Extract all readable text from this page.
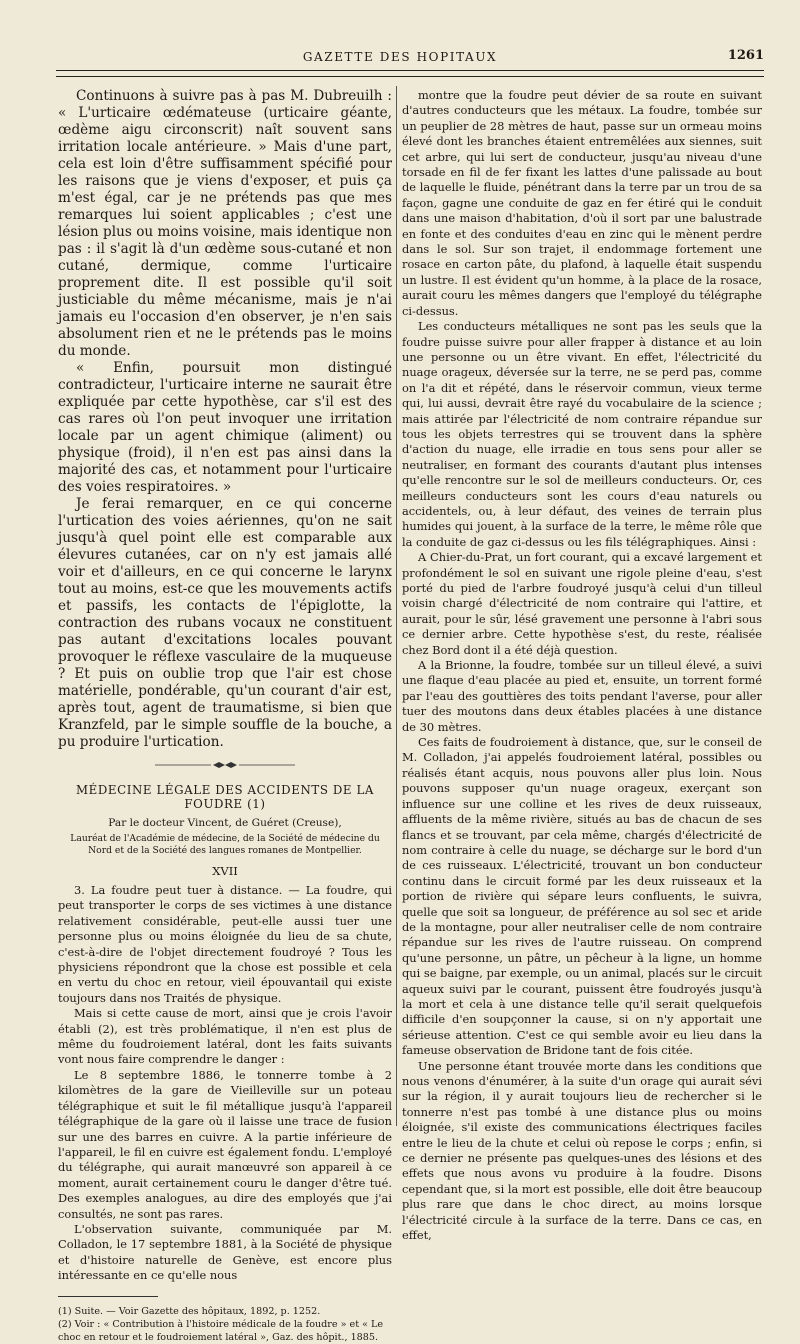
GAZETTE DES HOPITAUX	1261

Continuons à suivre pas à pas M. Dubreuilh : « L'urticaire œdémateuse (urticaire géante, œdème aigu circonscrit) naît souvent sans irritation locale antérieure. » Mais d'une part, cela est loin d'être suffisamment spécifié pour les raisons que je viens d'exposer, et puis ça m'est égal, car je ne prétends pas que mes remarques lui soient applicables ; c'est une lésion plus ou moins voisine, mais identique non pas : il s'agit là d'un œdème sous-cutané et non cutané, dermique, comme l'urticaire proprement dite. Il est possible qu'il soit justiciable du même mécanisme, mais je n'ai jamais eu l'occasion d'en observer, je n'en sais absolument rien et ne le prétends pas le moins du monde.

« Enfin, poursuit mon distingué contradicteur, l'urticaire interne ne saurait être expliquée par cette hypothèse, car s'il est des cas rares où l'on peut invoquer une irritation locale par un agent chimique (aliment) ou physique (froid), il n'en est pas ainsi dans la majorité des cas, et notamment pour l'urticaire des voies respiratoires. »

Je ferai remarquer, en ce qui concerne l'urtication des voies aériennes, qu'on ne sait jusqu'à quel point elle est comparable aux élevures cutanées, car on n'y est jamais allé voir et d'ailleurs, en ce qui concerne le larynx tout au moins, est-ce que les mouvements actifs et passifs, les contacts de l'épiglotte, la contraction des rubans vocaux ne constituent pas autant d'excitations locales pouvant provoquer le réflexe vasculaire de la muqueuse ? Et puis on oublie trop que l'air est chose matérielle, pondérable, qu'un courant d'air est, après tout, agent de traumatisme, si bien que Kranzfeld, par le simple souffle de la bouche, a pu produire l'urtication.

MÉDECINE LÉGALE DES ACCIDENTS DE LA FOUDRE (1)
Par le docteur Vincent, de Guéret (Creuse),
Lauréat de l'Académie de médecine, de la Société de médecine du Nord et de la Société des langues romanes de Montpellier.
XVII

3. La foudre peut tuer à distance. — La foudre, qui peut transporter le corps de ses victimes à une distance relativement considérable, peut-elle aussi tuer une personne plus ou moins éloignée du lieu de sa chute, c'est-à-dire de l'objet directement foudroyé ? Tous les physiciens répondront que la chose est possible et cela en vertu du choc en retour, vieil épouvantail qui existe toujours dans nos Traités de physique.

Mais si cette cause de mort, ainsi que je crois l'avoir établi (2), est très problématique, il n'en est plus de même du foudroiement latéral, dont les faits suivants vont nous faire comprendre le danger :

Le 8 septembre 1886, le tonnerre tombe à 2 kilomètres de la gare de Vieilleville sur un poteau télégraphique et suit le fil métallique jusqu'à l'appareil télégraphique de la gare où il laisse une trace de fusion sur une des barres en cuivre. A la partie inférieure de l'appareil, le fil en cuivre est également fondu. L'employé du télégraphe, qui aurait manœuvré son appareil à ce moment, aurait certainement couru le danger d'être tué. Des exemples analogues, au dire des employés que j'ai consultés, ne sont pas rares.

L'observation suivante, communiquée par M. Colladon, le 17 septembre 1881, à la Société de physique et d'histoire naturelle de Genève, est encore plus intéressante en ce qu'elle nous

(1) Suite. — Voir Gazette des hôpitaux, 1892, p. 1252.

(2) Voir : « Contribution à l'histoire médicale de la foudre » et « Le choc en retour et le foudroiement latéral », Gaz. des hôpit., 1885.

montre que la foudre peut dévier de sa route en suivant d'autres conducteurs que les métaux. La foudre, tombée sur un peuplier de 28 mètres de haut, passe sur un ormeau moins élevé dont les branches étaient entremêlées aux siennes, suit cet arbre, qui lui sert de conducteur, jusqu'au niveau d'une torsade en fil de fer fixant les lattes d'une palissade au bout de laquelle le fluide, pénétrant dans la terre par un trou de sa façon, gagne une conduite de gaz en fer étiré qui le conduit dans une maison d'habitation, d'où il sort par une balustrade en fonte et des conduites d'eau en zinc qui le mènent perdre dans le sol. Sur son trajet, il endommage fortement une rosace en carton pâte, du plafond, à laquelle était suspendu un lustre. Il est évident qu'un homme, à la place de la rosace, aurait couru les mêmes dangers que l'employé du télégraphe ci-dessus.

Les conducteurs métalliques ne sont pas les seuls que la foudre puisse suivre pour aller frapper à distance et au loin une personne ou un être vivant. En effet, l'électricité du nuage orageux, déversée sur la terre, ne se perd pas, comme on l'a dit et répété, dans le réservoir commun, vieux terme qui, lui aussi, devrait être rayé du vocabulaire de la science ; mais attirée par l'électricité de nom contraire répandue sur tous les objets terrestres qui se trouvent dans la sphère d'action du nuage, elle irradie en tous sens pour aller se neutraliser, en formant des courants d'autant plus intenses qu'elle rencontre sur le sol de meilleurs conducteurs. Or, ces meilleurs conducteurs sont les cours d'eau naturels ou accidentels, ou, à leur défaut, des veines de terrain plus humides qui jouent, à la surface de la terre, le même rôle que la conduite de gaz ci-dessus ou les fils télégraphiques. Ainsi :

A Chier-du-Prat, un fort courant, qui a excavé largement et profondément le sol en suivant une rigole pleine d'eau, s'est porté du pied de l'arbre foudroyé jusqu'à celui d'un tilleul voisin chargé d'électricité de nom contraire qui l'attire, et aurait, pour le sûr, lésé gravement une personne à l'abri sous ce dernier arbre. Cette hypothèse s'est, du reste, réalisée chez Bord dont il a été déjà question.

A la Brionne, la foudre, tombée sur un tilleul élevé, a suivi une flaque d'eau placée au pied et, ensuite, un torrent formé par l'eau des gouttières des toits pendant l'averse, pour aller tuer des moutons dans deux étables placées à une distance de 30 mètres.

Ces faits de foudroiement à distance, que, sur le conseil de M. Colladon, j'ai appelés foudroiement latéral, possibles ou réalisés étant acquis, nous pouvons aller plus loin. Nous pouvons supposer qu'un nuage orageux, exerçant son influence sur une colline et les rives de deux ruisseaux, affluents de la même rivière, situés au bas de chacun de ses flancs et se trouvant, par cela même, chargés d'électricité de nom contraire à celle du nuage, se décharge sur le bord d'un de ces ruisseaux. L'électricité, trouvant un bon conducteur continu dans le circuit formé par les deux ruisseaux et la portion de rivière qui sépare leurs confluents, le suivra, quelle que soit sa longueur, de préférence au sol sec et aride de la montagne, pour aller neutraliser celle de nom contraire répandue sur les rives de l'autre ruisseau. On comprend qu'une personne, un pâtre, un pêcheur à la ligne, un homme qui se baigne, par exemple, ou un animal, placés sur le circuit aqueux suivi par le courant, puissent être foudroyés jusqu'à la mort et cela à une distance telle qu'il serait quelquefois difficile d'en soupçonner la cause, si on n'y apportait une sérieuse attention. C'est ce qui semble avoir eu lieu dans la fameuse observation de Bridone tant de fois citée.

Une personne étant trouvée morte dans les conditions que nous venons d'énumérer, à la suite d'un orage qui aurait sévi sur la région, il y aurait toujours lieu de rechercher si le tonnerre n'est pas tombé à une distance plus ou moins éloignée, s'il existe des communications électriques faciles entre le lieu de la chute et celui où repose le corps ; enfin, si ce dernier ne présente pas quelques-unes des lésions et des effets que nous avons vu produire à la foudre. Disons cependant que, si la mort est possible, elle doit être beaucoup plus rare que dans le choc direct, au moins lorsque l'électricité circule à la surface de la terre. Dans ce cas, en effet,
